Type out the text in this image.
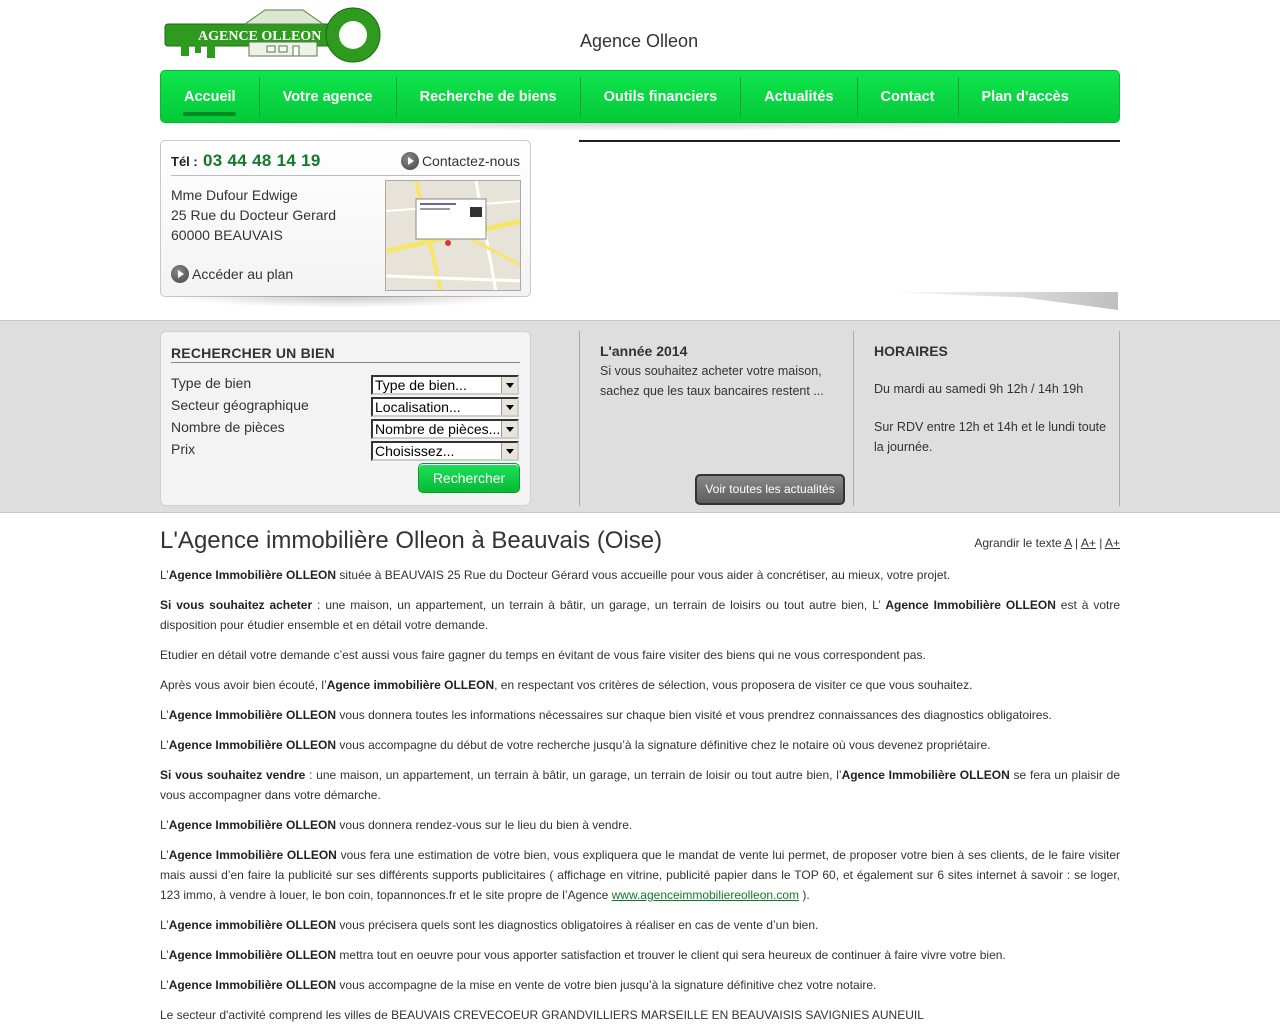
AGENCE OLLEON	Agence Olleon
Accueil	Votre agence	Recherche de biens	Outils financiers	Actualités	Contact	Plan d'accès
Tél : 03 44 48 14 19	Contactez-nous
Mme Dufour Edwige
25 Rue du Docteur Gerard
60000 BEAUVAIS
Accéder au plan
RECHERCHER UN BIEN
Type de bien	Type de bien...
Secteur géographique	Localisation...
Nombre de pièces	Nombre de pièces...
Prix	Choisissez...
Rechercher
L'année 2014
Si vous souhaitez acheter votre maison, sachez que les taux bancaires restent ...
Voir toutes les actualités
HORAIRES
Du mardi au samedi 9h 12h / 14h 19h
Sur RDV entre 12h et 14h et le lundi toute la journée.
L'Agence immobilière Olleon à Beauvais (Oise)	Agrandir le texte A | A+ | A+
L’Agence Immobilière OLLEON située à BEAUVAIS 25 Rue du Docteur Gérard vous accueille pour vous aider à concrétiser, au mieux, votre projet.
Si vous souhaitez acheter : une maison, un appartement, un terrain à bâtir, un garage, un terrain de loisirs ou tout autre bien, L’ Agence Immobilière OLLEON est à votre disposition pour étudier ensemble et en détail votre demande.
Etudier en détail votre demande c’est aussi vous faire gagner du temps en évitant de vous faire visiter des biens qui ne vous correspondent pas.
Après vous avoir bien écouté, l’Agence immobilière OLLEON, en respectant vos critères de sélection, vous proposera de visiter ce que vous souhaitez.
L’Agence Immobilière OLLEON vous donnera toutes les informations nécessaires sur chaque bien visité et vous prendrez connaissances des diagnostics obligatoires.
L’Agence Immobilière OLLEON vous accompagne du début de votre recherche jusqu’à la signature définitive chez le notaire où vous devenez propriétaire.
Si vous souhaitez vendre : une maison, un appartement, un terrain à bâtir, un garage, un terrain de loisir ou tout autre bien, l’Agence Immobilière OLLEON se fera un plaisir de vous accompagner dans votre démarche.
L’Agence Immobilière OLLEON vous donnera rendez-vous sur le lieu du bien à vendre.
L’Agence Immobilière OLLEON vous fera une estimation de votre bien, vous expliquera que le mandat de vente lui permet, de proposer votre bien à ses clients, de le faire visiter mais aussi d’en faire la publicité sur ses différents supports publicitaires ( affichage en vitrine, publicité papier dans le TOP 60, et également sur 6 sites internet à savoir : se loger, 123 immo, à vendre à louer, le bon coin, topannonces.fr et le site propre de l’Agence www.agenceimmobiliereolleon.com ).
L’Agence immobilière OLLEON vous précisera quels sont les diagnostics obligatoires à réaliser en cas de vente d’un bien.
L’Agence Immobilière OLLEON mettra tout en oeuvre pour vous apporter satisfaction et trouver le client qui sera heureux de continuer à faire vivre votre bien.
L’Agence Immobilière OLLEON vous accompagne de la mise en vente de votre bien jusqu’à la signature définitive chez votre notaire.
Le secteur d'activité comprend les villes de BEAUVAIS CREVECOEUR GRANDVILLIERS MARSEILLE EN BEAUVAISIS SAVIGNIES AUNEUIL
